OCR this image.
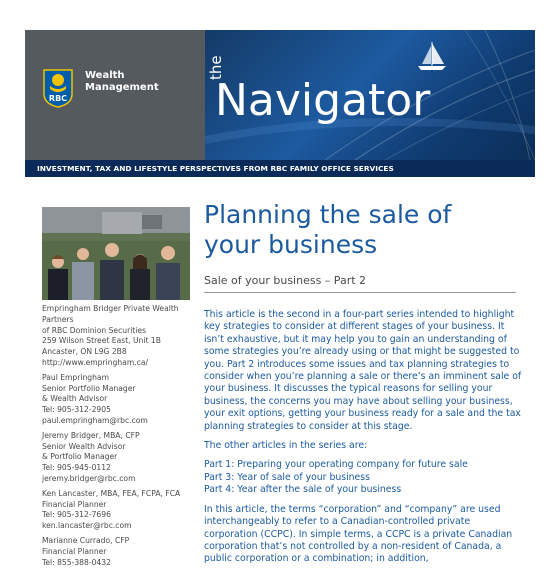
RBC
Wealth
Management
the
Navigator
INVESTMENT, TAX AND LIFESTYLE PERSPECTIVES FROM RBC FAMILY OFFICE SERVICES
Empringham Bridger Private Wealth
Partners
of RBC Dominion Securities
259 Wilson Street East, Unit 1B
Ancaster, ON L9G 2B8
http://www.empringham.ca/
Paul Empringham
Senior Portfolio Manager
& Wealth Advisor
Tel: 905-312-2905
paul.empringham@rbc.com
Jeremy Bridger, MBA, CFP
Senior Wealth Advisor
& Portfolio Manager
Tel: 905-945-0112
jeremy.bridger@rbc.com
Ken Lancaster, MBA, FEA, FCPA, FCA
Financial Planner
Tel: 905-312-7696
ken.lancaster@rbc.com
Marianne Currado, CFP
Financial Planner
Tel: 855-388-0432
Planning the sale of
your business
Sale of your business – Part 2

This article is the second in a four-part series intended to highlight key strategies to consider at different stages of your business. It isn’t exhaustive, but it may help you to gain an understanding of some strategies you’re already using or that might be suggested to you. Part 2 introduces some issues and tax planning strategies to consider when you’re planning a sale or there’s an imminent sale of your business. It discusses the typical reasons for selling your business, the concerns you may have about selling your business, your exit options, getting your business ready for a sale and the tax planning strategies to consider at this stage.

The other articles in the series are:

Part 1: Preparing your operating company for future sale

Part 3: Year of sale of your business

Part 4: Year after the sale of your business

In this article, the terms “corporation” and “company” are used interchangeably to refer to a Canadian-controlled private corporation (CCPC). In simple terms, a CCPC is a private Canadian corporation that’s not controlled by a non-resident of Canada, a public corporation or a combination; in addition,
